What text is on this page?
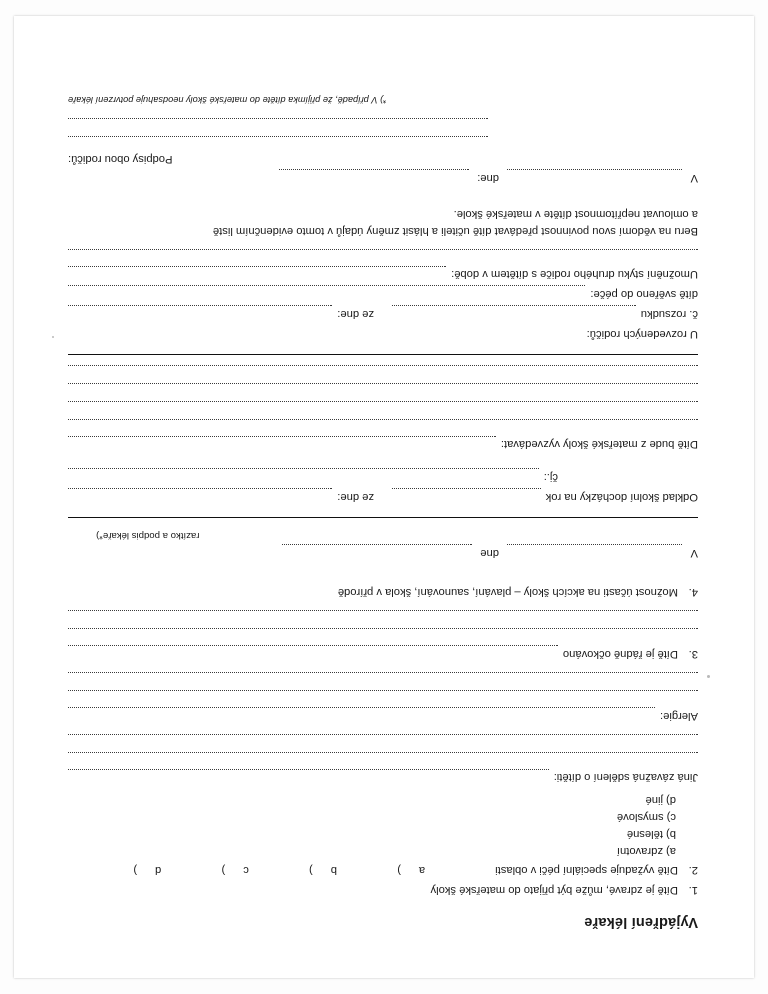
Vyjádření lékaře
1.
Dítě je zdravé, může být přijato do mateřské školy
2.
Dítě vyžaduje speciální péči v oblasti
a)  b)  c)  d)
a) zdravotní
b) tělesné
c) smyslové
d) jiné
Jiná závažná sdělení o dítěti:
Alergie:
3.
Dítě je řádně očkováno
4.
Možnost účasti na akcích školy – plavání, saunování, škola v přírodě
V
dne
razítko a podpis lékaře*)
Odklad školní docházky na rok
ze dne:
čj.:
Dítě bude z mateřské školy vyzvedávat:
U rozvedených rodičů:
č. rozsudku
ze dne:
dítě svěřeno do péče:
Umožnění styku druhého rodiče s dítětem v době:
Beru na vědomí svou povinnost předávat dítě učiteli a hlásit změny údajů v tomto evidenčním listě
a omlouvat nepřítomnost dítěte v mateřské škole.
V
dne:
Podpisy obou rodičů:
*) V případě, že přijímka dítěte do mateřské školy neodsahuje potvrzení lékaře
